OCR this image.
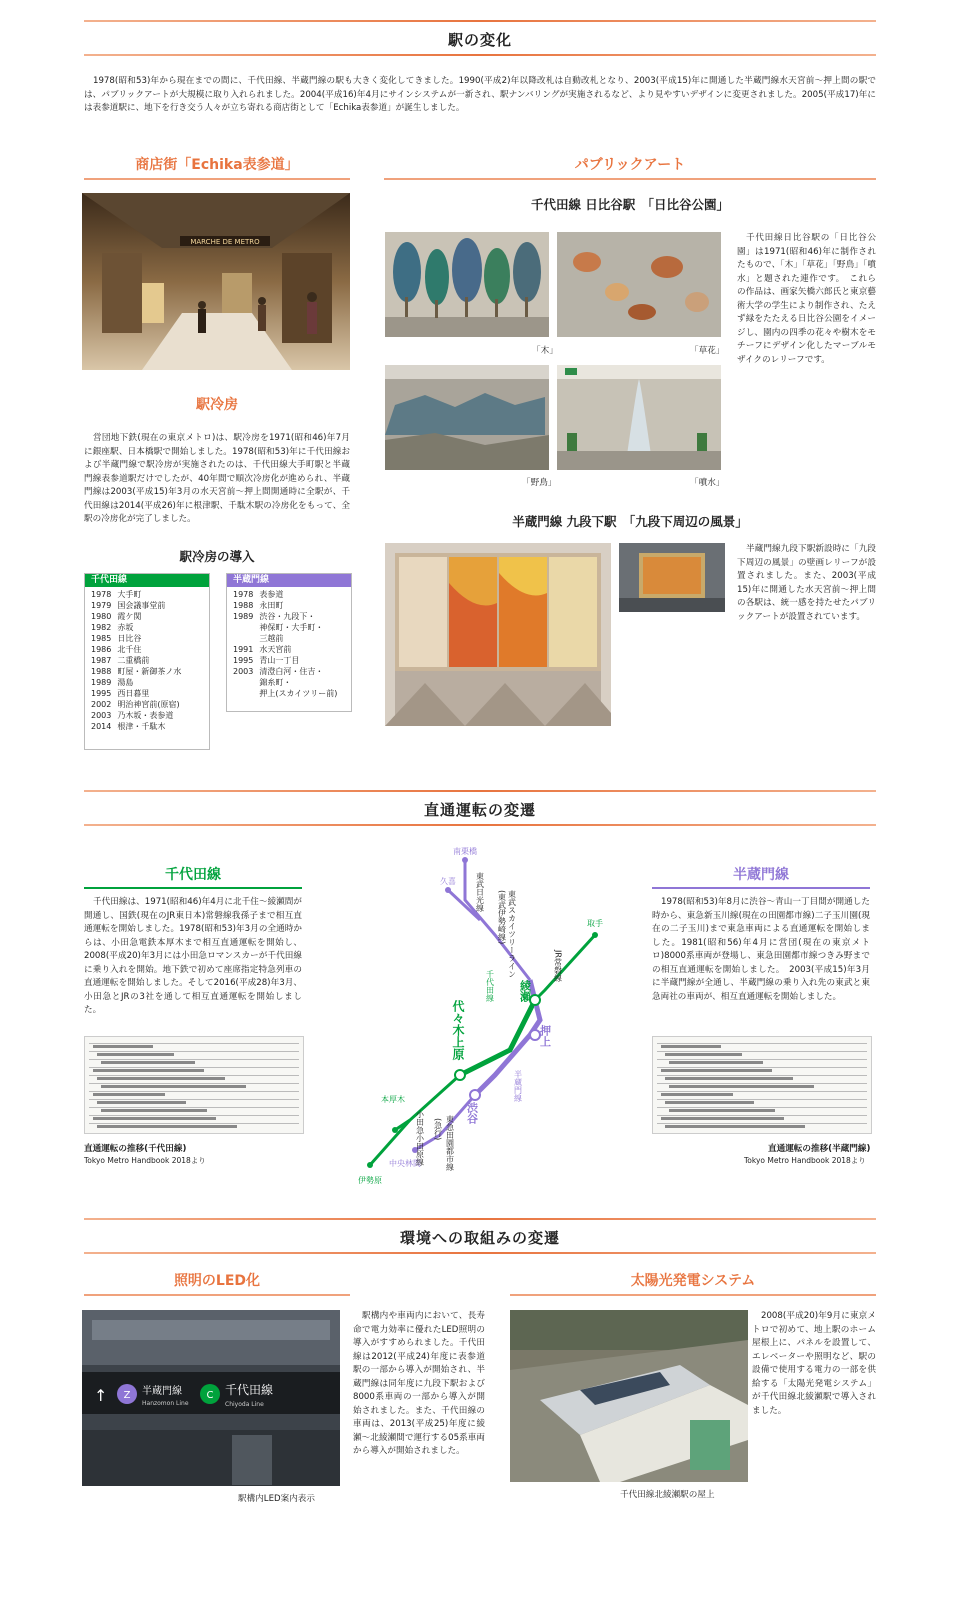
駅の変化

1978(昭和53)年から現在までの間に、千代田線、半蔵門線の駅も大きく変化してきました。1990(平成2)年以降改札は自動改札となり、2003(平成15)年に開通した半蔵門線水天宮前〜押上間の駅では、パブリックアートが大規模に取り入れられました。2004(平成16)年4月にサインシステムが一新され、駅ナンバリングが実施されるなど、より見やすいデザインに変更されました。2005(平成17)年には表参道駅に、地下を行き交う人々が立ち寄れる商店街として「Echika表参道」が誕生しました。

商店街「Echika表参道」
MARCHE DE METRO
駅冷房

営団地下鉄(現在の東京メトロ)は、駅冷房を1971(昭和46)年7月に銀座駅、日本橋駅で開始しました。1978(昭和53)年に千代田線および半蔵門線で駅冷房が実施されたのは、千代田線大手町駅と半蔵門線表参道駅だけでしたが、40年間で順次冷房化が進められ、半蔵門線は2003(平成15)年3月の水天宮前〜押上間開通時に全駅が、千代田線は2014(平成26)年に根津駅、千駄木駅の冷房化をもって、全駅の冷房化が完了しました。

駅冷房の導入
千代田線
1978	大手町
1979	国会議事堂前
1980	霞ケ関
1982	赤坂
1985	日比谷
1986	北千住
1987	二重橋前
1988	町屋・新御茶ノ水
1989	湯島
1995	西日暮里
2002	明治神宮前(原宿)
2003	乃木坂・表参道
2014	根津・千駄木
半蔵門線
1978	表参道
1988	永田町
1989	渋谷・九段下・
	神保町・大手町・
	三越前
1991	水天宮前
1995	青山一丁目
2003	清澄白河・住吉・
	錦糸町・
	押上(スカイツリー前)
パブリックアート
千代田線 日比谷駅　「日比谷公園」
「木」	「草花」
「野鳥」	「噴水」

千代田線日比谷駅の「日比谷公園」は1971(昭和46)年に制作されたもので、「木」「草花」「野鳥」「噴水」と題された連作です。　これらの作品は、画家矢橋六郎氏と東京藝術大学の学生により制作され、たえず緑をたたえる日比谷公園をイメージし、園内の四季の花々や樹木をモチーフにデザイン化したマーブルモザイクのレリーフです。

半蔵門線 九段下駅　「九段下周辺の風景」

半蔵門線九段下駅新設時に「九段下周辺の風景」の壁画レリーフが設置されました。また、2003(平成15)年に開通した水天宮前〜押上間の各駅は、統一感を持たせたパブリックアートが設置されています。

直通運転の変遷
千代田線

千代田線は、1971(昭和46)年4月に北千住〜綾瀬間が開通し、国鉄(現在のJR東日本)常磐線我孫子まで相互直通運転を開始しました。1978(昭和53)年3月の全通時からは、小田急電鉄本厚木まで相互直通運転を開始し、2008(平成20)年3月には小田急ロマンスカーが千代田線に乗り入れを開始。地下鉄で初めて座席指定特急列車の直通運転を開始しました。そして2016(平成28)年3月、小田急とJRの3社を通して相互直通運転を開始しました。

直通運転の推移(千代田線)
Tokyo Metro Handbook 2018より
半蔵門線

1978(昭和53)年8月に渋谷〜青山一丁目間が開通した時から、東急新玉川線(現在の田園都市線)二子玉川園(現在の二子玉川)まで東急車両による直通運転を開始しました。1981(昭和56)年4月に営団(現在の東京メトロ)8000系車両が登場し、東急田園都市線つきみ野までの相互直通運転を開始しました。　2003(平成15)年3月に半蔵門線が全通し、半蔵門線の乗り入れ先の東武と東急両社の車両が、相互直通運転を開始しました。

直通運転の推移(半蔵門線)
Tokyo Metro Handbook 2018より
南栗橋
久喜 東武日光線	東武スカイツリーライン
(東武伊勢崎線)	取手
JR常磐線
綾瀬
押上
千代田線
半蔵門線
代々木上原
渋谷
本厚木
伊勢原
中央林間
小田急小田原線	東急田園都市線
(急行)
環境への取組みの変遷
照明のLED化
↑ Z 半蔵門線
Hanzomon Line
C 千代田線
Chiyoda Line
駅構内LED案内表示

駅構内や車両内において、長寿命で電力効率に優れたLED照明の導入がすすめられました。千代田線は2012(平成24)年度に表参道駅の一部から導入が開始され、半蔵門線は同年度に九段下駅および8000系車両の一部から導入が開始されました。また、千代田線の車両は、2013(平成25)年度に綾瀬〜北綾瀬間で運行する05系車両から導入が開始されました。

太陽光発電システム
千代田線北綾瀬駅の屋上

2008(平成20)年9月に東京メトロで初めて、地上駅のホーム屋根上に、パネルを設置して、エレベーターや照明など、駅の設備で使用する電力の一部を供給する「太陽光発電システム」が千代田線北綾瀬駅で導入されました。
